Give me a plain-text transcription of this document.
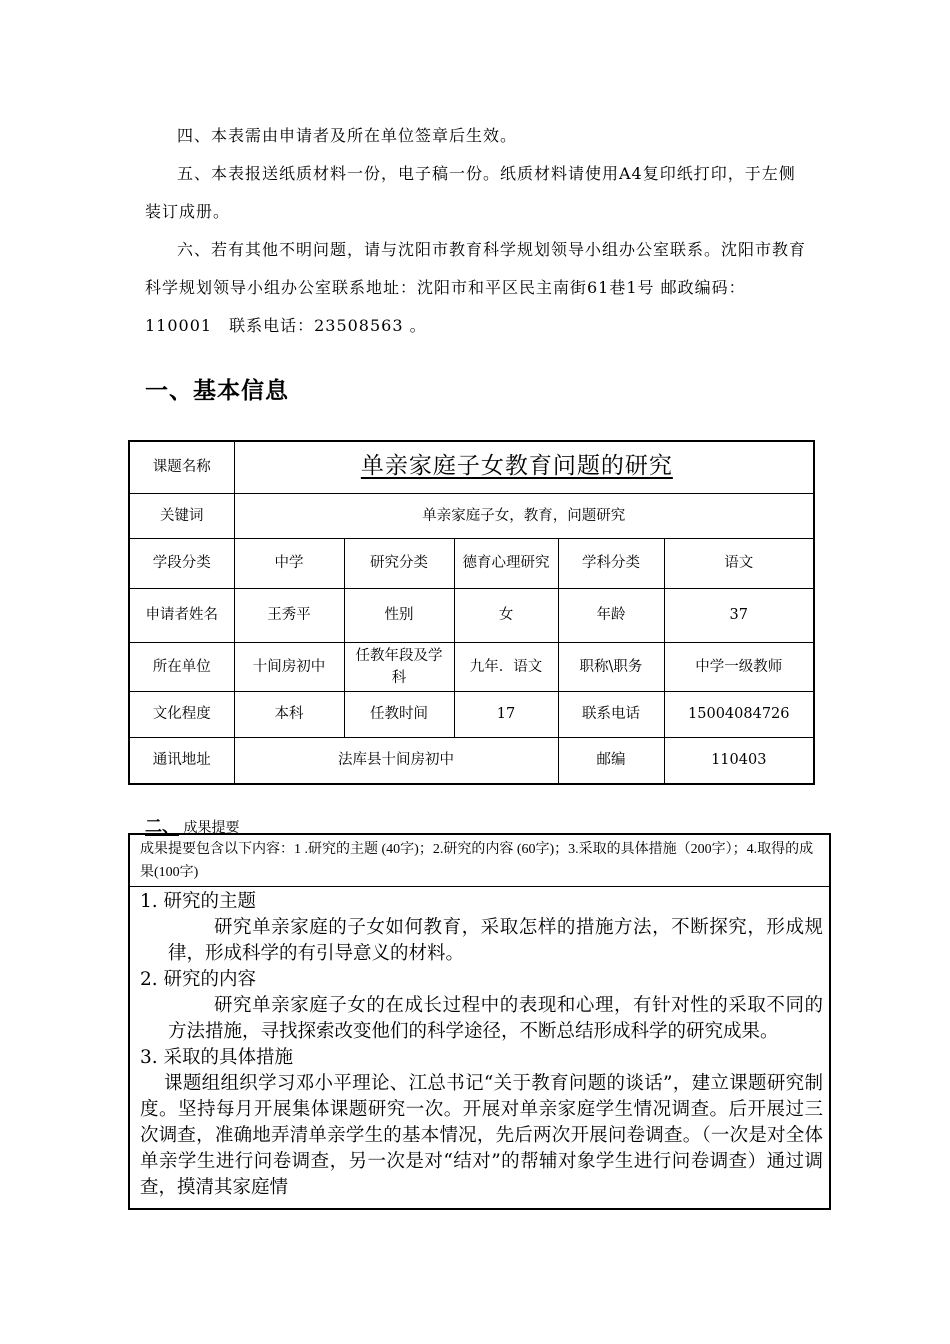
四、本表需由申请者及所在单位签章后生效。

五、本表报送纸质材料一份，电子稿一份。纸质材料请使用A4复印纸打印，于左侧装订成册。

六、若有其他不明问题，请与沈阳市教育科学规划领导小组办公室联系。沈阳市教育科学规划领导小组办公室联系地址：沈阳市和平区民主南街61巷1号 邮政编码：110001　联系电话：23508563 。

一、基本信息
课题名称	单亲家庭子女教育问题的研究				
关键词	单亲家庭子女，教育，问题研究				
学段分类	中学	研究分类	德育心理研究	学科分类	语文
申请者姓名	王秀平	性别	女	年龄	37
所在单位	十间房初中	任教年段及学科	九年．语文	职称\职务	中学一级教师
文化程度	本科	任教时间	17	联系电话	15004084726
通讯地址	法库县十间房初中			邮编	110403
二、 成果提要
成果提要包含以下内容：1 .研究的主题 (40字)；2.研究的内容 (60字)；3.采取的具体措施（200字）；4.取得的成果(100字)

1. 研究的主题

研究单亲家庭的子女如何教育，采取怎样的措施方法，不断探究，形成规律，形成科学的有引导意义的材料。

2. 研究的内容

研究单亲家庭子女的在成长过程中的表现和心理，有针对性的采取不同的方法措施，寻找探索改变他们的科学途径，不断总结形成科学的研究成果。

3. 采取的具体措施

课题组组织学习邓小平理论、江总书记“关于教育问题的谈话”，建立课题研究制度。坚持每月开展集体课题研究一次。开展对单亲家庭学生情况调查。后开展过三次调查，准确地弄清单亲学生的基本情况，先后两次开展问卷调查。（一次是对全体单亲学生进行问卷调查，另一次是对“结对”的帮辅对象学生进行问卷调查）通过调查，摸清其家庭情
